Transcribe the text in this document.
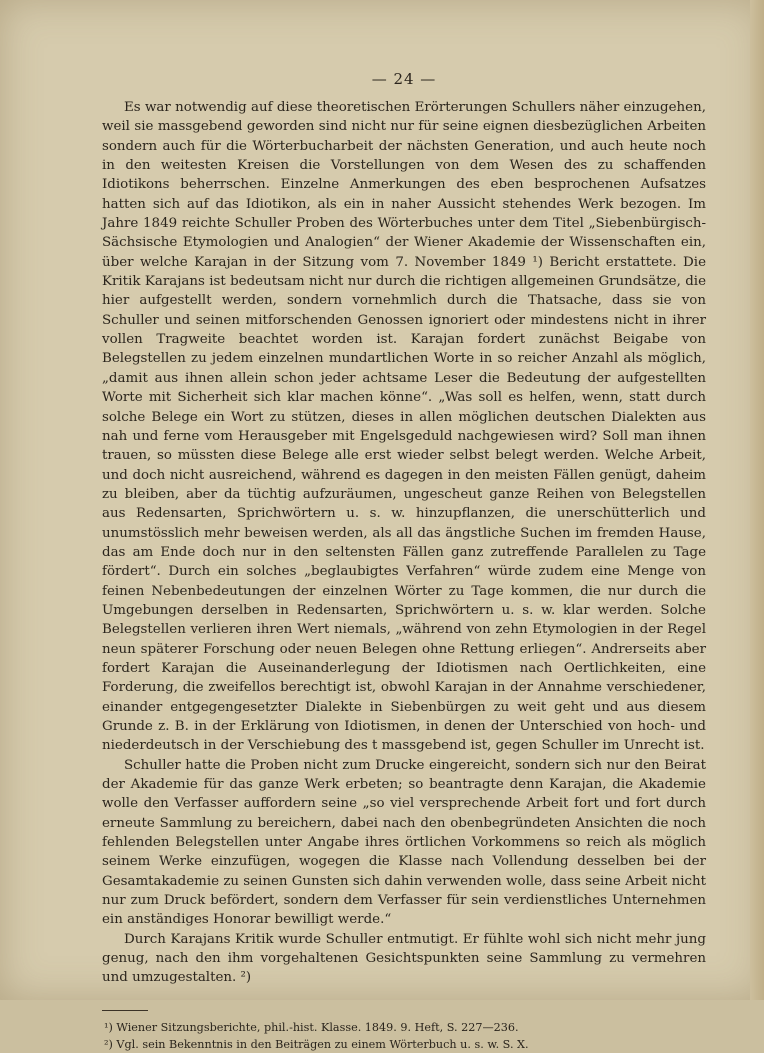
— 24 —

Es war notwendig auf diese theoretischen Erörterungen Schullers näher einzugehen, weil sie massgebend geworden sind nicht nur für seine eignen diesbezüglichen Arbeiten sondern auch für die Wörterbucharbeit der nächsten Generation, und auch heute noch in den weitesten Kreisen die Vorstellungen von dem Wesen des zu schaffenden Idiotikons beherrschen. Einzelne Anmerkungen des eben besprochenen Aufsatzes hatten sich auf das Idiotikon, als ein in naher Aussicht stehendes Werk bezogen. Im Jahre 1849 reichte Schuller Proben des Wörterbuches unter dem Titel „Siebenbürgisch-Sächsische Etymologien und Analogien“ der Wiener Akademie der Wissenschaften ein, über welche Karajan in der Sitzung vom 7. November 1849 ¹) Bericht erstattete. Die Kritik Karajans ist bedeutsam nicht nur durch die richtigen allgemeinen Grundsätze, die hier aufgestellt werden, sondern vornehmlich durch die Thatsache, dass sie von Schuller und seinen mitforschenden Genossen ignoriert oder mindestens nicht in ihrer vollen Tragweite beachtet worden ist. Karajan fordert zunächst Beigabe von Belegstellen zu jedem einzelnen mundartlichen Worte in so reicher Anzahl als möglich, „damit aus ihnen allein schon jeder achtsame Leser die Bedeutung der aufgestellten Worte mit Sicherheit sich klar machen könne“. „Was soll es helfen, wenn, statt durch solche Belege ein Wort zu stützen, dieses in allen möglichen deutschen Dialekten aus nah und ferne vom Herausgeber mit Engelsgeduld nachgewiesen wird? Soll man ihnen trauen, so müssten diese Belege alle erst wieder selbst belegt werden. Welche Arbeit, und doch nicht ausreichend, während es dagegen in den meisten Fällen genügt, daheim zu bleiben, aber da tüchtig aufzuräumen, ungescheut ganze Reihen von Belegstellen aus Redensarten, Sprichwörtern u. s. w. hinzupflanzen, die unerschütterlich und unumstösslich mehr beweisen werden, als all das ängstliche Suchen im fremden Hause, das am Ende doch nur in den seltensten Fällen ganz zutreffende Parallelen zu Tage fördert“. Durch ein solches „beglaubigtes Verfahren“ würde zudem eine Menge von feinen Nebenbedeutungen der einzelnen Wörter zu Tage kommen, die nur durch die Umgebungen derselben in Redensarten, Sprichwörtern u. s. w. klar werden. Solche Belegstellen verlieren ihren Wert niemals, „während von zehn Etymologien in der Regel neun späterer Forschung oder neuen Belegen ohne Rettung erliegen“. Andrerseits aber fordert Karajan die Auseinanderlegung der Idiotismen nach Oertlichkeiten, eine Forderung, die zweifellos berechtigt ist, obwohl Karajan in der Annahme verschiedener, einander entgegengesetzter Dialekte in Siebenbürgen zu weit geht und aus diesem Grunde z. B. in der Erklärung von Idiotismen, in denen der Unterschied von hoch- und niederdeutsch in der Verschiebung des t massgebend ist, gegen Schuller im Unrecht ist.

Schuller hatte die Proben nicht zum Drucke eingereicht, sondern sich nur den Beirat der Akademie für das ganze Werk erbeten; so beantragte denn Karajan, die Akademie wolle den Verfasser auffordern seine „so viel versprechende Arbeit fort und fort durch erneute Sammlung zu bereichern, dabei nach den obenbegründeten Ansichten die noch fehlenden Belegstellen unter Angabe ihres örtlichen Vorkommens so reich als möglich seinem Werke einzufügen, wogegen die Klasse nach Vollendung desselben bei der Gesamtakademie zu seinen Gunsten sich dahin verwenden wolle, dass seine Arbeit nicht nur zum Druck befördert, sondern dem Verfasser für sein verdienstliches Unternehmen ein anständiges Honorar bewilligt werde.“

Durch Karajans Kritik wurde Schuller entmutigt. Er fühlte wohl sich nicht mehr jung genug, nach den ihm vorgehaltenen Gesichtspunkten seine Sammlung zu vermehren und umzugestalten. ²)

¹) Wiener Sitzungsberichte, phil.-hist. Klasse. 1849. 9. Heft, S. 227—236.

²) Vgl. sein Bekenntnis in den Beiträgen zu einem Wörterbuch u. s. w. S. X.
